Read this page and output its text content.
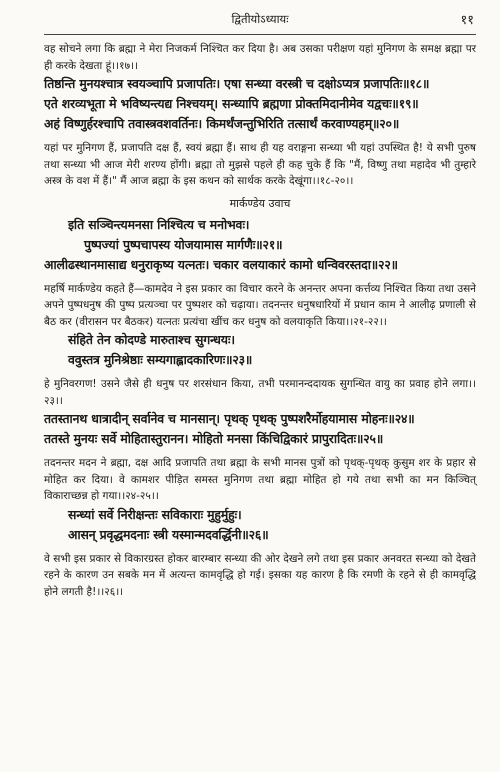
द्वितीयोऽध्यायः	११

वह सोचने लगा कि ब्रह्मा ने मेरा निजकर्म निश्चित कर दिया है। अब उसका परीक्षण यहां मुनिगण के समक्ष ब्रह्मा पर ही करके देखता हूं।।१७।।

तिष्ठन्ति मुनयश्चात्र स्वयञ्चापि प्रजापतिः। एषा सन्ध्या वरस्त्री च दक्षोऽप्यत्र प्रजापतिः॥१८॥

एते शरव्यभूता मे भविष्यन्त्यद्य निश्चयम्। सन्ध्यापि ब्रह्मणा प्रोक्तमिदानीमेव यद्वचः॥१९॥

अहं विष्णुर्हरश्चापि तवास्त्रवशवर्तिनः। किमर्थंजन्तुभिरिति तत्सार्थं करवाण्यहम्॥२०॥

यहां पर मुनिगण हैं, प्रजापति दक्ष हैं, स्वयं ब्रह्मा हैं। साथ ही यह वराङ्गना सन्ध्या भी यहां उपस्थित है! ये सभी पुरुष तथा सन्ध्या भी आज मेरी शरण्य होंगी। ब्रह्मा तो मुझसे पहले ही कह चुके हैं कि "मैं, विष्णु तथा महादेव भी तुम्हारे अस्त्र के वश में हैं।" मैं आज ब्रह्मा के इस कथन को सार्थक करके देखूंगा।।१८-२०।।

मार्कण्डेय उवाच

इति सञ्चिन्त्यमनसा निश्चित्य च मनोभवः।

पुष्पज्यां पुष्पचापस्य योजयामास मार्गणैः॥२१॥

आलीढस्थानमासाद्य धनुराकृष्य यत्नतः। चकार वलयाकारं कामो धन्विवरस्तदा॥२२॥

महर्षि मार्कण्डेय कहते हैं—कामदेव ने इस प्रकार का विचार करने के अनन्तर अपना कर्त्तव्य निश्चित किया तथा उसने अपने पुष्पधनुष की पुष्प प्रत्यञ्चा पर पुष्पशर को चढ़ाया। तदनन्तर धनुषधारियों में प्रधान काम ने आलीढ़ प्रणाली से बैठ कर (वीरासन पर बैठकर) यत्नतः प्रत्यंचा खींच कर धनुष को वलयाकृति किया।।२१-२२।।

संहिते तेन कोदण्डे मारुताश्च सुगन्धयः।

ववुस्तत्र मुनिश्रेष्ठाः सम्यगाह्लादकारिणः॥२३॥

हे मुनिवरगण! उसने जैसे ही धनुष पर शरसंधान किया, तभी परमानन्ददायक सुगन्धित वायु का प्रवाह होने लगा।।२३।।

ततस्तानथ धात्रादीन् सर्वानेव च मानसान्। पृथक् पृथक् पुष्पशरैर्मोहयामास मोहनः॥२४॥

ततस्ते मुनयः सर्वे मोहितास्तुरानन। मोहितो मनसा किंचिद्विकारं प्रापुरादितः॥२५॥

तदनन्तर मदन ने ब्रह्मा, दक्ष आदि प्रजापति तथा ब्रह्मा के सभी मानस पुत्रों को पृथक्-पृथक् कुसुम शर के प्रहार से मोहित कर दिया। वे कामशर पीड़ित समस्त मुनिगण तथा ब्रह्मा मोहित हो गये तथा सभी का मन किञ्चित् विकाराच्छन्न हो गया।।२४-२५।।

सन्ध्यां सर्वे निरीक्षन्तः सविकाराः मुहुर्मुहुः।

आसन् प्रवृद्धमदनाः स्त्री यस्मान्मदवर्द्धिनी॥२६॥

वे सभी इस प्रकार से विकारग्रस्त होकर बारम्बार सन्ध्या की ओर देखने लगे तथा इस प्रकार अनवरत सन्ध्या को देखते रहने के कारण उन सबके मन में अत्यन्त कामवृद्धि हो गई। इसका यह कारण है कि रमणी के रहने से ही कामवृद्धि होने लगती है!।।२६।।
